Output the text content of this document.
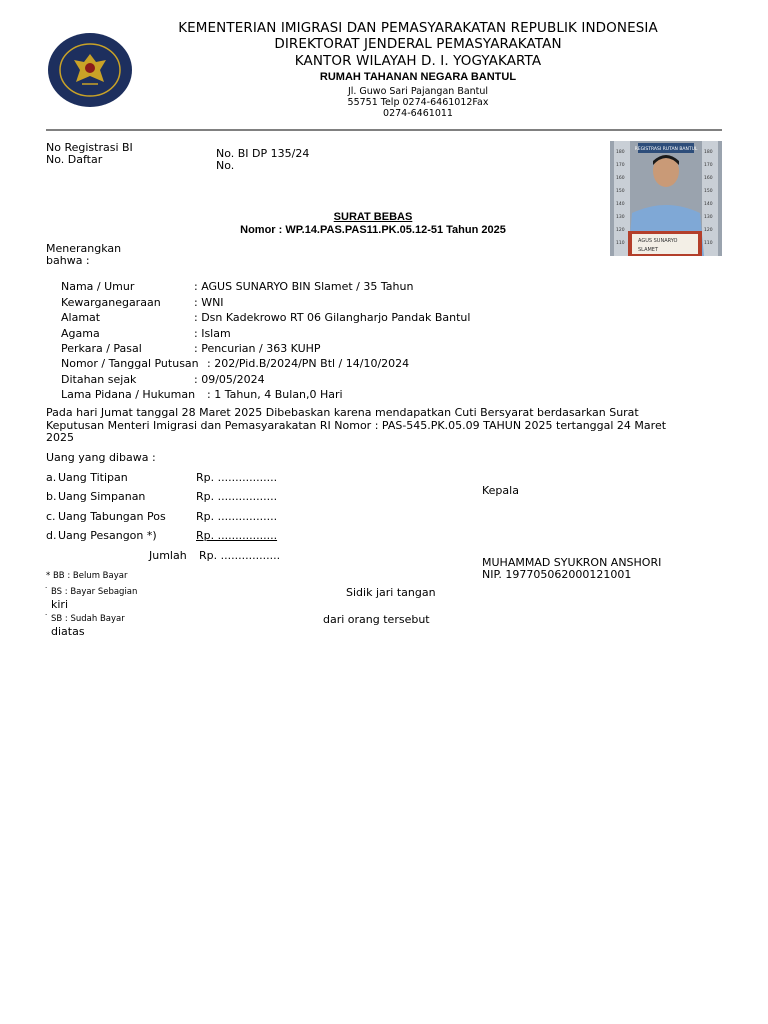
KEMENTERIAN IMIGRASI DAN PEMASYARAKATAN REPUBLIK INDONESIA
DIREKTORAT JENDERAL PEMASYARAKATAN
KANTOR WILAYAH D. I. YOGYAKARTA
RUMAH TAHANAN NEGARA BANTUL
Jl. Guwo Sari Pajangan Bantul
55751 Telp 0274-6461012Fax
0274-6461011
No Registrasi BI
No. Daftar	No. BI DP 135/24
No.
180	180
170	170
160	160
150	150
140	140
130	130
120	120
110	110
REGISTRASI RUTAN BANTUL
AGUS SUNARYO
SLAMET
SURAT BEBAS
Nomor : WP.14.PAS.PAS11.PK.05.12-51 Tahun 2025
Menerangkan
bahwa :
Nama / Umur	: AGUS SUNARYO BIN Slamet / 35 Tahun
Kewarganegaraan	: WNI
Alamat	: Dsn Kadekrowo RT 06 Gilangharjo Pandak Bantul
Agama	: Islam
Perkara / Pasal	: Pencurian / 363 KUHP
Nomor / Tanggal Putusan : 202/Pid.B/2024/PN Btl / 14/10/2024
Ditahan sejak	: 09/05/2024
Lama Pidana / Hukuman : 1 Tahun, 4 Bulan,0 Hari
Pada hari Jumat tanggal 28 Maret 2025 Dibebaskan karena mendapatkan Cuti Bersyarat berdasarkan Surat
Keputusan Menteri Imigrasi dan Pemasyarakatan RI Nomor : PAS-545.PK.05.09 TAHUN 2025 tertanggal 24 Maret
2025
Uang yang dibawa :
a. Uang Titipan	Rp. .................
b. Uang Simpanan	Rp. .................
c. Uang Tabungan Pos	Rp. .................
d. Uang Pesangon *)	Rp. .................
Jumlah Rp. .................
Kepala
MUHAMMAD SYUKRON ANSHORI
NIP. 197705062000121001
* BB : Belum Bayar
˙ BS : Bayar Sebagian
kiri
˙ SB : Sudah Bayar
diatas
Sidik jari tangan
dari orang tersebut
